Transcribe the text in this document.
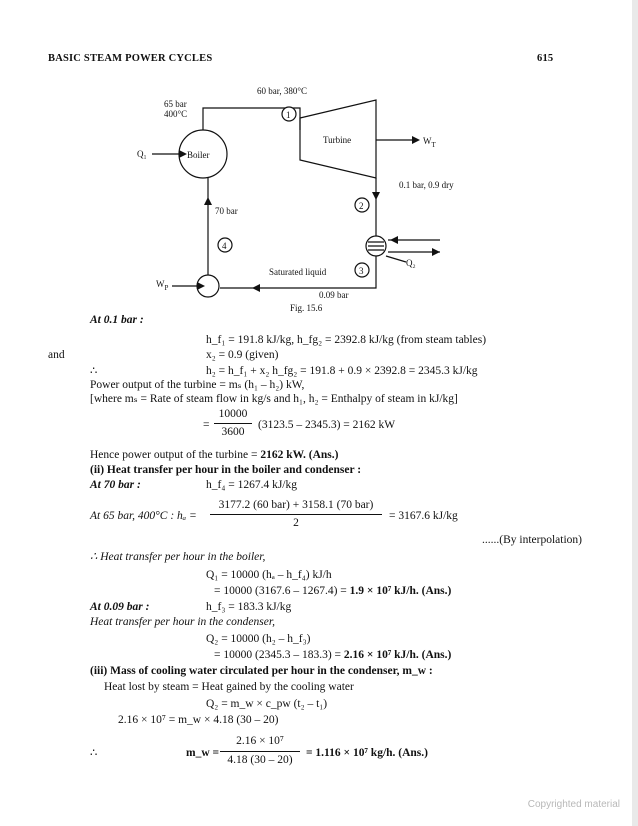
BASIC STEAM POWER CYCLES	615
60 bar, 380°C
65 bar
400°C
Boiler
Turbine
Q₁
$W_T$
0.1 bar, 0.9 dry
70 bar
Q₂
Saturated liquid
$W_P$
0.09 bar
1
2
3
4
Fig. 15.6
At 0.1 bar :
h_f₁ = 191.8 kJ/kg, h_fg₂ = 2392.8 kJ/kg (from steam tables)
and	x₂ = 0.9 (given)
∴	h₂ = h_f₁ + x₂ h_fg₂ = 191.8 + 0.9 × 2392.8 = 2345.3 kJ/kg
Power output of the turbine = mₛ (h₁ – h₂) kW,
[where mₛ = Rate of steam flow in kg/s and h₁, h₂ = Enthalpy of steam in kJ/kg]
=
10000
3600
(3123.5 – 2345.3) = 2162 kW
Hence power output of the turbine = 2162 kW. (Ans.)
(ii) Heat transfer per hour in the boiler and condenser :
At 70 bar :	h_f₄ = 1267.4 kJ/kg
At 65 bar, 400°C : hₐ =
3177.2 (60 bar) + 3158.1 (70 bar)
2
= 3167.6 kJ/kg
......(By interpolation)
∴ Heat transfer per hour in the boiler,
Q₁ = 10000 (hₐ – h_f₄) kJ/h
= 10000 (3167.6 – 1267.4) = 1.9 × 10⁷ kJ/h. (Ans.)
At 0.09 bar :	h_f₃ = 183.3 kJ/kg
Heat transfer per hour in the condenser,
Q₂ = 10000 (h₂ – h_f₃)
= 10000 (2345.3 – 183.3) = 2.16 × 10⁷ kJ/h. (Ans.)
(iii) Mass of cooling water circulated per hour in the condenser, m_w :
Heat lost by steam = Heat gained by the cooling water
Q₂ = m_w × c_pw (t₂ – t₁)
2.16 × 10⁷ = m_w × 4.18 (30 – 20)
∴	m_w =
2.16 × 10⁷
4.18 (30 – 20)
= 1.116 × 10⁷ kg/h. (Ans.)
Copyrighted material
